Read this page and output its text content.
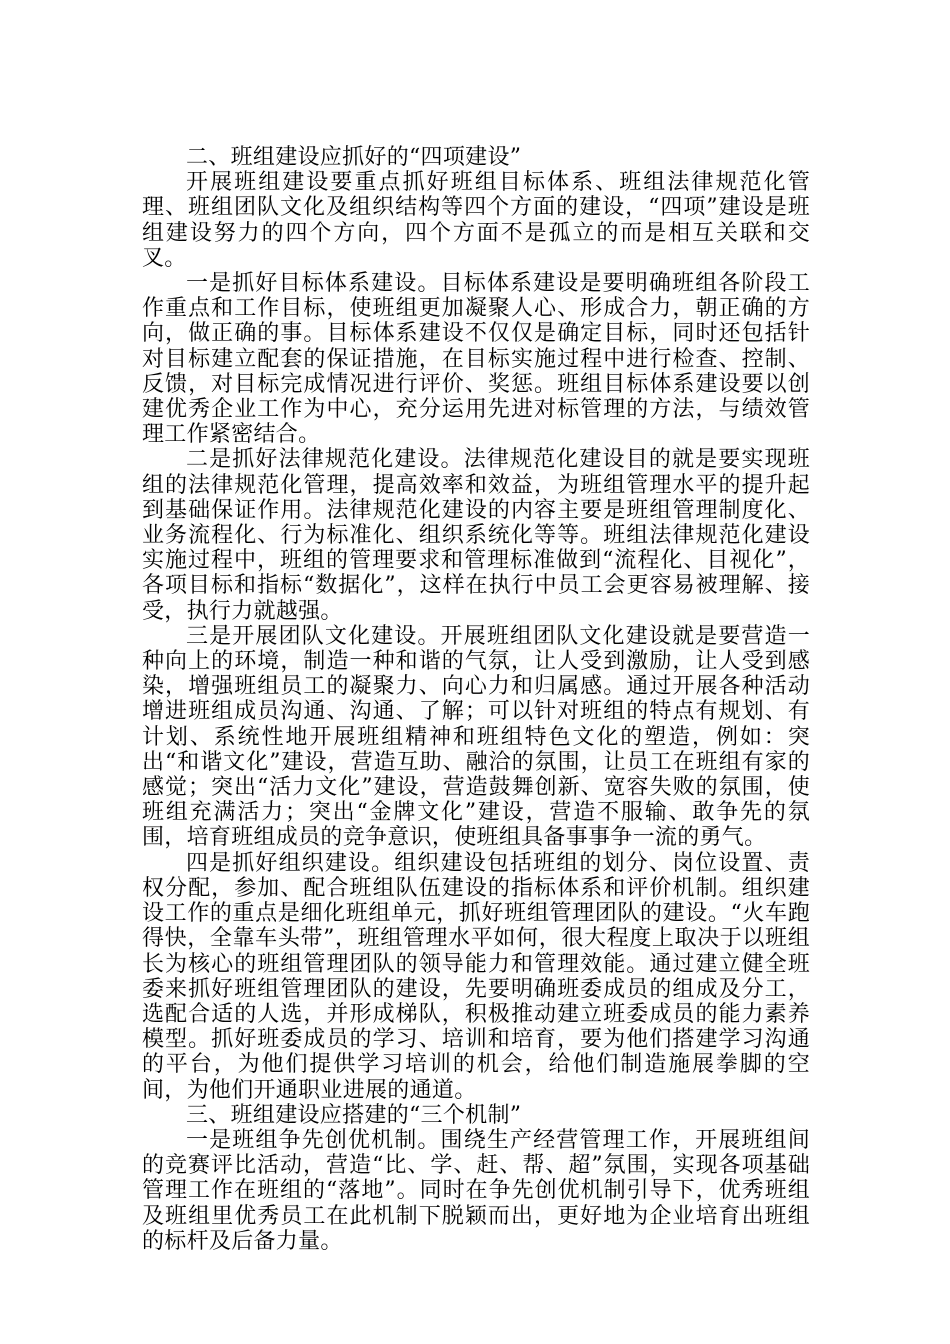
二、班组建设应抓好的“四项建设”

开展班组建设要重点抓好班组目标体系、班组法律规范化管理、班组团队文化及组织结构等四个方面的建设，“四项”建设是班组建设努力的四个方向，四个方面不是孤立的而是相互关联和交叉。

一是抓好目标体系建设。目标体系建设是要明确班组各阶段工作重点和工作目标，使班组更加凝聚人心、形成合力，朝正确的方向，做正确的事。目标体系建设不仅仅是确定目标，同时还包括针对目标建立配套的保证措施，在目标实施过程中进行检查、控制、反馈，对目标完成情况进行评价、奖惩。班组目标体系建设要以创建优秀企业工作为中心，充分运用先进对标管理的方法，与绩效管理工作紧密结合。

二是抓好法律规范化建设。法律规范化建设目的就是要实现班组的法律规范化管理，提高效率和效益，为班组管理水平的提升起到基础保证作用。法律规范化建设的内容主要是班组管理制度化、业务流程化、行为标准化、组织系统化等等。班组法律规范化建设实施过程中，班组的管理要求和管理标准做到“流程化、目视化”，各项目标和指标“数据化”，这样在执行中员工会更容易被理解、接受，执行力就越强。

三是开展团队文化建设。开展班组团队文化建设就是要营造一种向上的环境，制造一种和谐的气氛，让人受到激励，让人受到感染，增强班组员工的凝聚力、向心力和归属感。通过开展各种活动增进班组成员沟通、沟通、了解；可以针对班组的特点有规划、有计划、系统性地开展班组精神和班组特色文化的塑造，例如：突出“和谐文化”建设，营造互助、融洽的氛围，让员工在班组有家的感觉；突出“活力文化”建设，营造鼓舞创新、宽容失败的氛围，使班组充满活力；突出“金牌文化”建设，营造不服输、敢争先的氛围，培育班组成员的竞争意识，使班组具备事事争一流的勇气。

四是抓好组织建设。组织建设包括班组的划分、岗位设置、责权分配，参加、配合班组队伍建设的指标体系和评价机制。组织建设工作的重点是细化班组单元，抓好班组管理团队的建设。“火车跑得快，全靠车头带”，班组管理水平如何，很大程度上取决于以班组长为核心的班组管理团队的领导能力和管理效能。通过建立健全班委来抓好班组管理团队的建设，先要明确班委成员的组成及分工，选配合适的人选，并形成梯队，积极推动建立班委成员的能力素养模型。抓好班委成员的学习、培训和培育，要为他们搭建学习沟通的平台，为他们提供学习培训的机会，给他们制造施展拳脚的空间，为他们开通职业进展的通道。

三、班组建设应搭建的“三个机制”

一是班组争先创优机制。围绕生产经营管理工作，开展班组间的竞赛评比活动，营造“比、学、赶、帮、超”氛围，实现各项基础管理工作在班组的“落地”。同时在争先创优机制引导下，优秀班组及班组里优秀员工在此机制下脱颖而出，更好地为企业培育出班组的标杆及后备力量。
